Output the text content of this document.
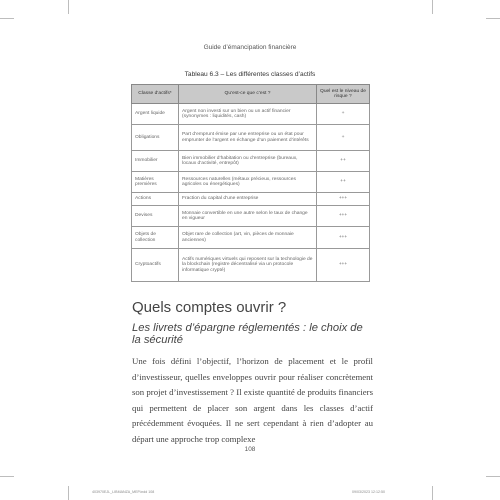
Guide d’émancipation financière
Tableau 6.3 – Les différentes classes d’actifs
Classe d’actifs*	Qu’est-ce que c’est ?	Quel est le niveau de risque ?
Argent liquide	Argent non investi sur un bien ou un actif financier (synonymes : liquidités, cash)	+
Obligations	Part d’emprunt émise par une entreprise ou un état pour emprunter de l’argent en échange d’un paiement d’intérêts	+
Immobilier	Bien immobilier d’habitation ou d’entreprise (bureaux, locaux d’activité, entrepôt)	++
Matières premières	Ressources naturelles (métaux précieux, ressources agricoles ou énergétiques)	++
Actions	Fraction du capital d’une entreprise	+++
Devises	Monnaie convertible en une autre selon le taux de change en vigueur	+++
Objets de collection	Objet rare de collection (art, vin, pièces de monnaie anciennes)	+++
Cryptoactifs	Actifs numériques virtuels qui reposent sur la technologie de la blockchain (registre décentralisé via un protocole informatique crypté)	+++
Quels comptes ouvrir ?
Les livrets d’épargne réglementés : le choix de la sécurité
Une fois défini l’objectif, l’horizon de placement et le profil d’investisseur, quelles enveloppes ouvrir pour réaliser concrètement son projet d’investissement ? Il existe quantité de produits financiers qui permettent de placer son argent dans les classes d’actif précédemment évoquées. Il ne sert cependant à rien d’adopter au départ une approche trop complexe
108
403970EJL_LIBMANZA_MEP.indd 108	09/03/2023 12:12:50
